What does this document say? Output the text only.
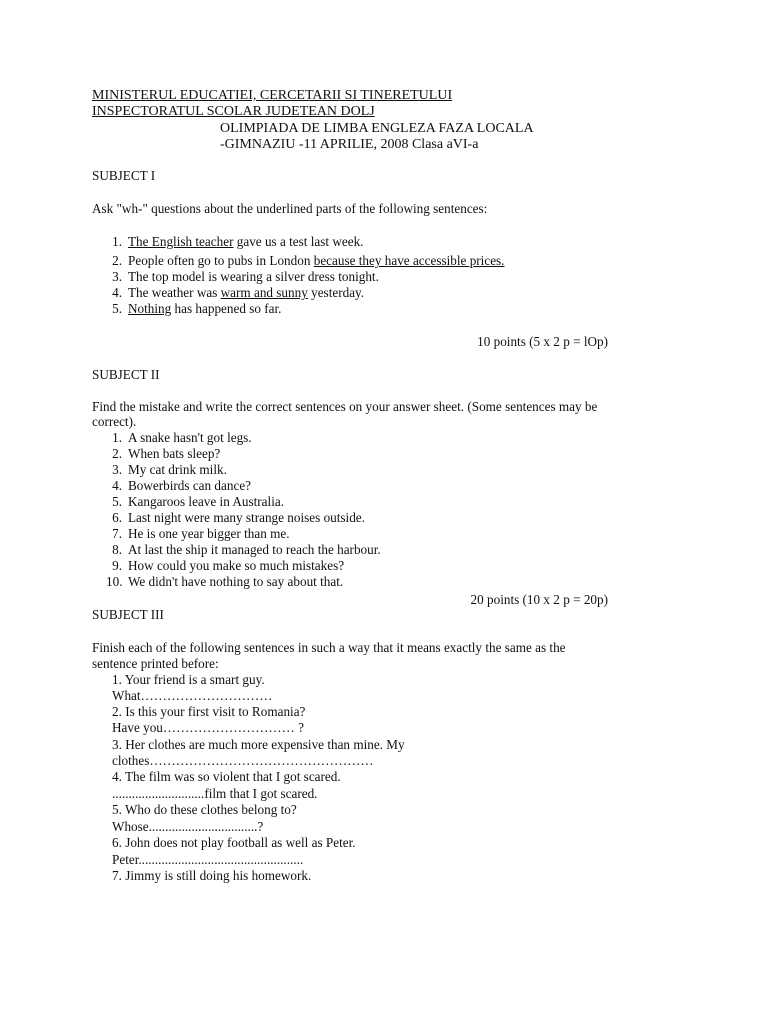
MINISTERUL EDUCATIEI, CERCETARII SI TINERETULUI
INSPECTORATUL SCOLAR JUDETEAN DOLJ
OLIMPIADA DE LIMBA ENGLEZA FAZA LOCALA
-GIMNAZIU -11 APRILIE, 2008 Clasa aVI-a
SUBJECT I
Ask "wh-" questions about the underlined parts of the following sentences:
1. The English teacher gave us a test last week.
2. People often go to pubs in London because they have accessible prices.
3. The top model is wearing a silver dress tonight.
4. The weather was warm and sunny yesterday.
5. Nothing has happened so far.
10 points (5 x 2 p = lOp)
SUBJECT II
Find the mistake and write the correct sentences on your answer sheet. (Some sentences may be
correct).
1. A snake hasn't got legs.
2. When bats sleep?
3. My cat drink milk.
4. Bowerbirds can dance?
5. Kangaroos leave in Australia.
6. Last night were many strange noises outside.
7. He is one year bigger than me.
8. At last the ship it managed to reach the harbour.
9. How could you make so much mistakes?
10. We didn't have nothing to say about that.
20 points (10 x 2 p = 20p)
SUBJECT III
Finish each of the following sentences in such a way that it means exactly the same as the
sentence printed before:
1. Your friend is a smart guy.
What…………………………
2. Is this your first visit to Romania?
Have you………………………… ?
3. Her clothes are much more expensive than mine. My
clothes……………………………………………
4. The film was so violent that I got scared.
............................film that I got scared.
5. Who do these clothes belong to?
Whose.................................?
6. John does not play football as well as Peter.
Peter..................................................
7. Jimmy is still doing his homework.
